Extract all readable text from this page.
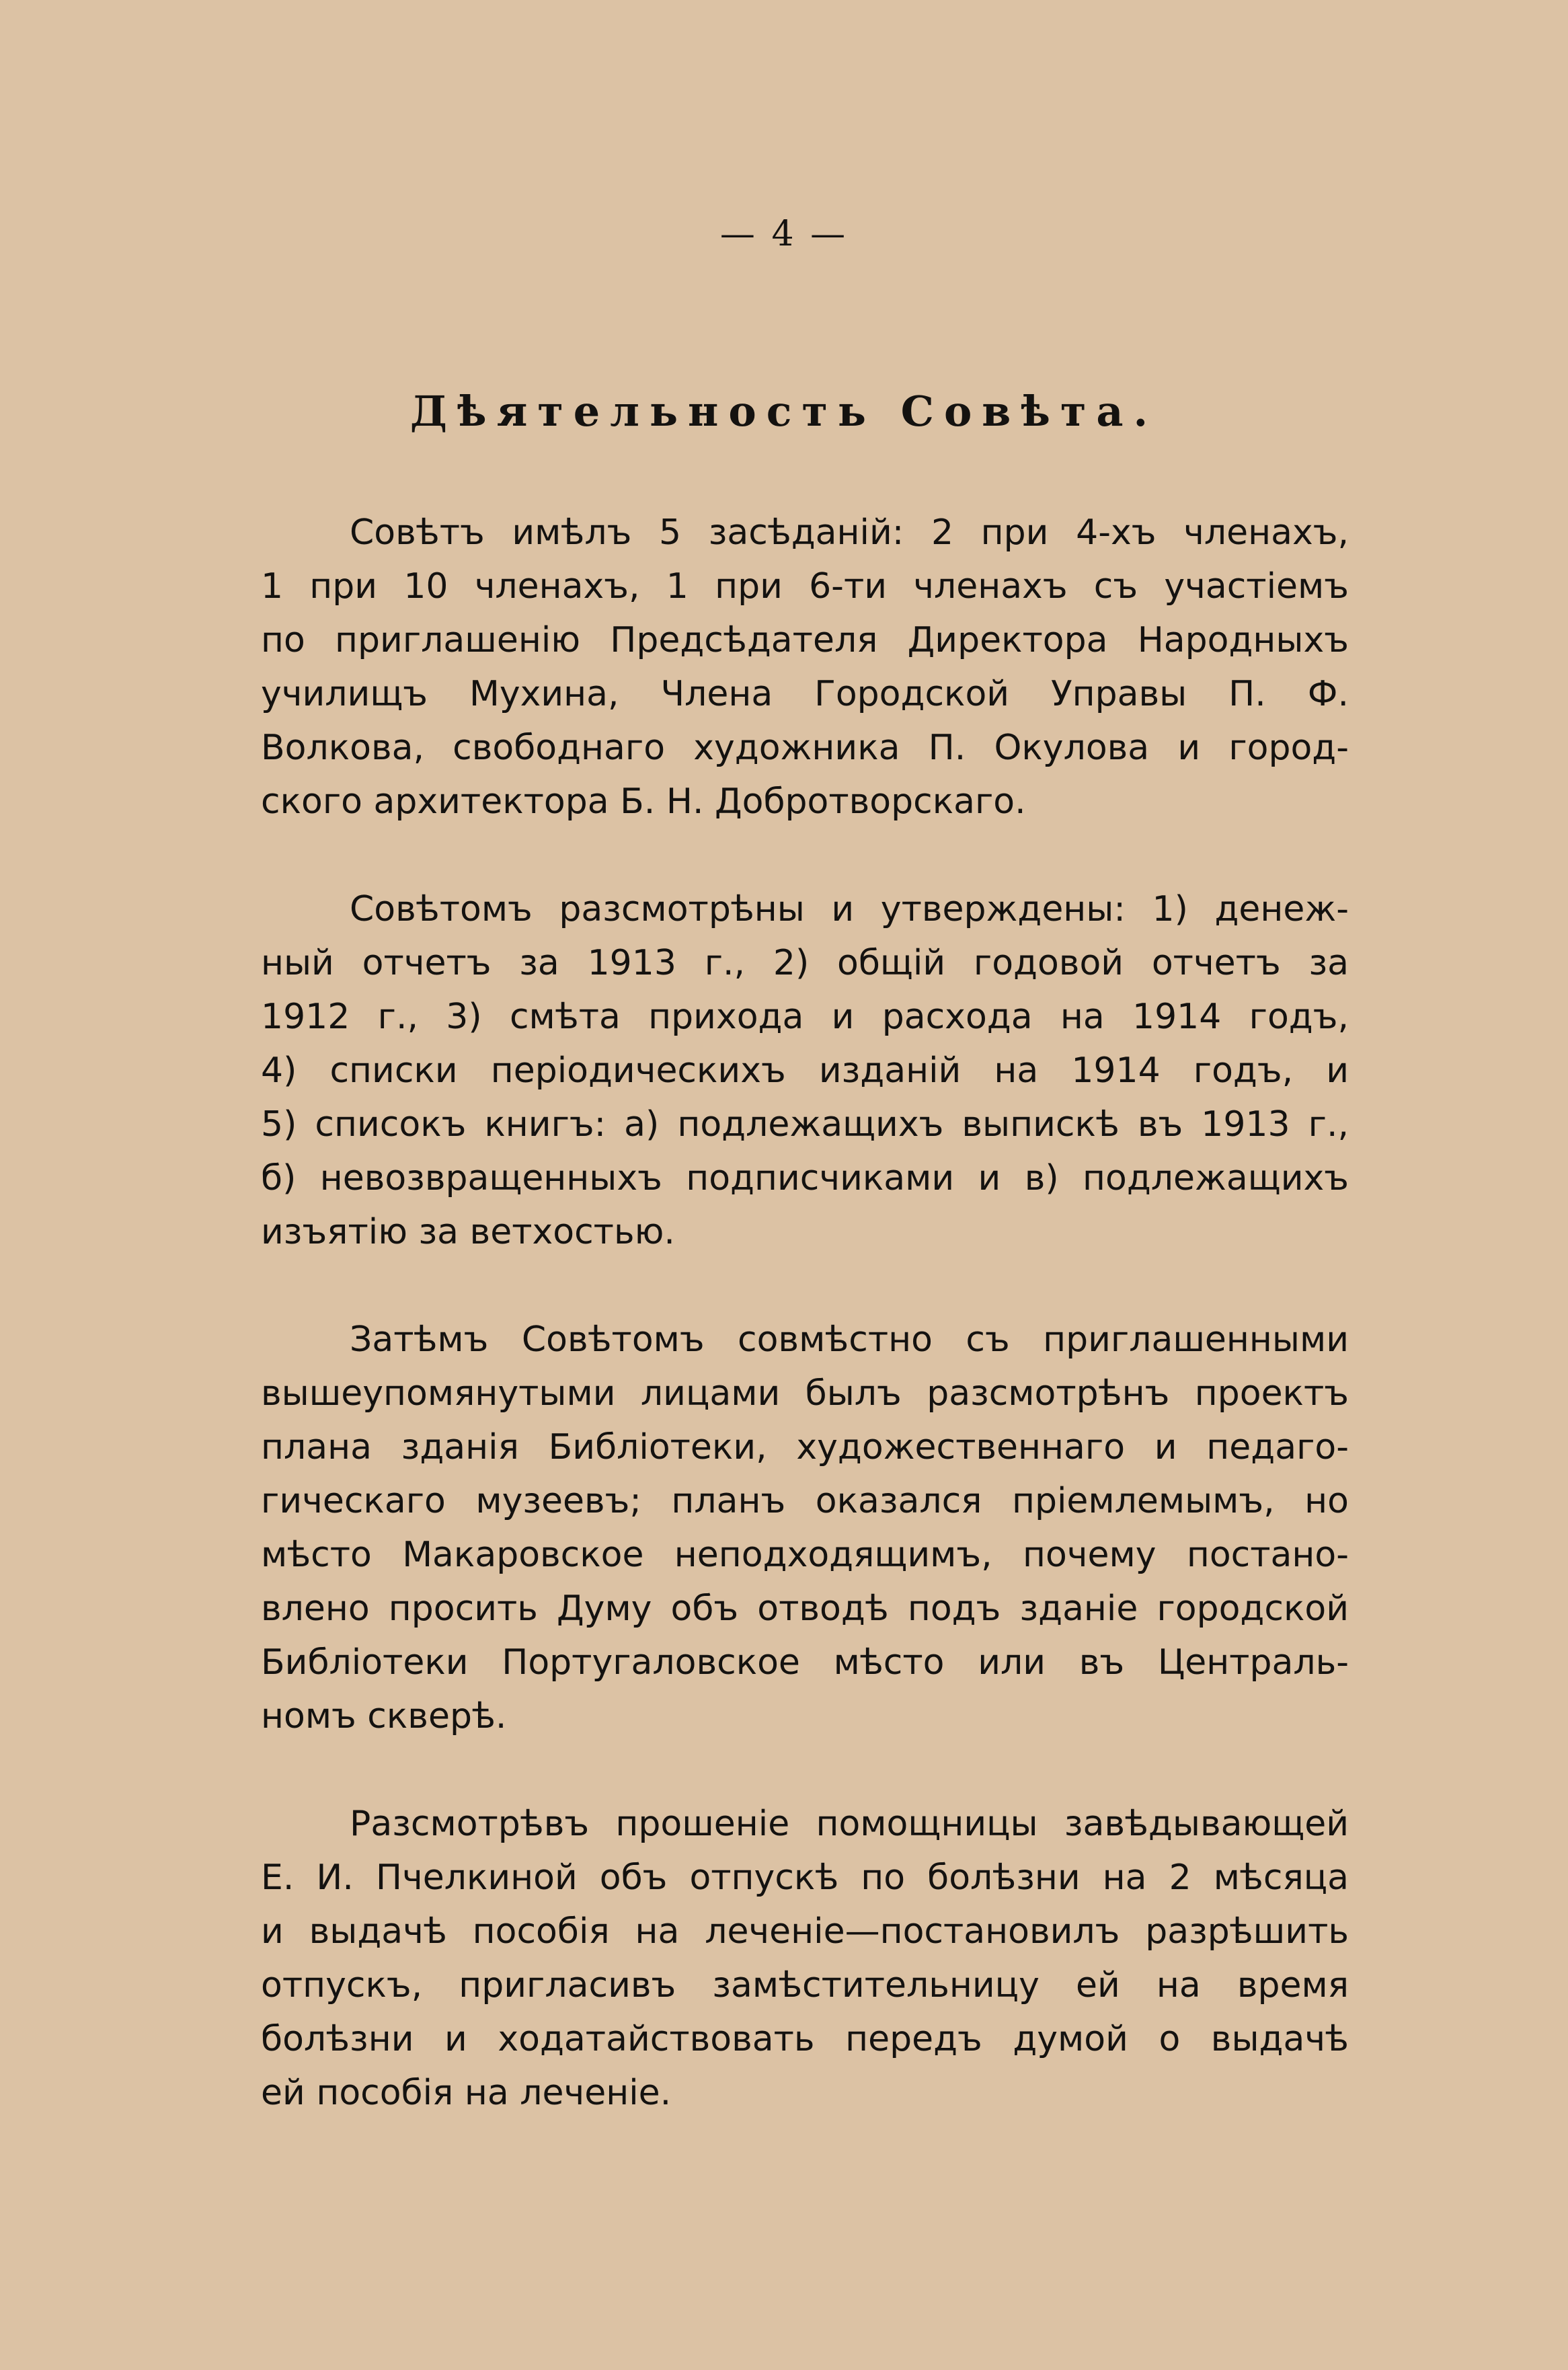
— 4 —
Дѣятельность Совѣта.

Совѣтъ имѣлъ 5 засѣданій: 2 при 4-хъ членахъ,
1 при 10 членахъ, 1 при 6-ти членахъ съ участіемъ
по приглашенію Предсѣдателя Директора Народныхъ
училищъ Мухина, Члена Городской Управы П. Ф.
Волкова, свободнаго художника П. Окулова и город-
ского архитектора Б. Н. Добротворскаго.

Совѣтомъ разсмотрѣны и утверждены: 1) денеж-
ный отчетъ за 1913 г., 2) общій годовой отчетъ за
1912 г., 3) смѣта прихода и расхода на 1914 годъ,
4) списки періодическихъ изданій на 1914 годъ, и
5) списокъ книгъ: а) подлежащихъ выпискѣ въ 1913 г.,
б) невозвращенныхъ подписчиками и в) подлежащихъ
изъятію за ветхостью.

Затѣмъ Совѣтомъ совмѣстно съ приглашенными
вышеупомянутыми лицами былъ разсмотрѣнъ проектъ
плана зданія Библіотеки, художественнаго и педаго-
гическаго музеевъ; планъ оказался пріемлемымъ, но
мѣсто Макаровское неподходящимъ, почему постано-
влено просить Думу объ отводѣ подъ зданіе городской
Библіотеки Португаловское мѣсто или въ Централь-
номъ скверѣ.

Разсмотрѣвъ прошеніе помощницы завѣдывающей
Е. И. Пчелкиной объ отпускѣ по болѣзни на 2 мѣсяца
и выдачѣ пособія на леченіе—постановилъ разрѣшить
отпускъ, пригласивъ замѣстительницу ей на время
болѣзни и ходатайствовать передъ думой о выдачѣ
ей пособія на леченіе.
